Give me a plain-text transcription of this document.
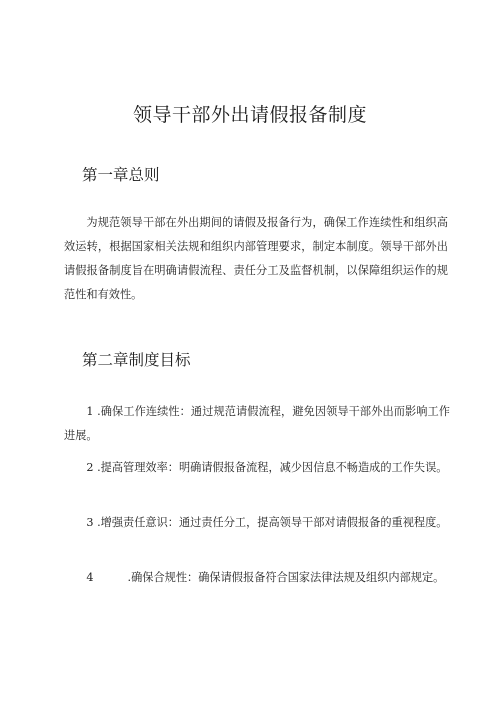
领导干部外出请假报备制度
第一章总则

为规范领导干部在外出期间的请假及报备行为，确保工作连续性和组织高效运转，根据国家相关法规和组织内部管理要求，制定本制度。领导干部外出请假报备制度旨在明确请假流程、责任分工及监督机制，以保障组织运作的规范性和有效性。

第二章制度目标

1 .确保工作连续性：通过规范请假流程，避免因领导干部外出而影响工作进展。

2 .提高管理效率：明确请假报备流程，减少因信息不畅造成的工作失误。

3 .增强责任意识：通过责任分工，提高领导干部对请假报备的重视程度。

4	.确保合规性：确保请假报备符合国家法律法规及组织内部规定。
